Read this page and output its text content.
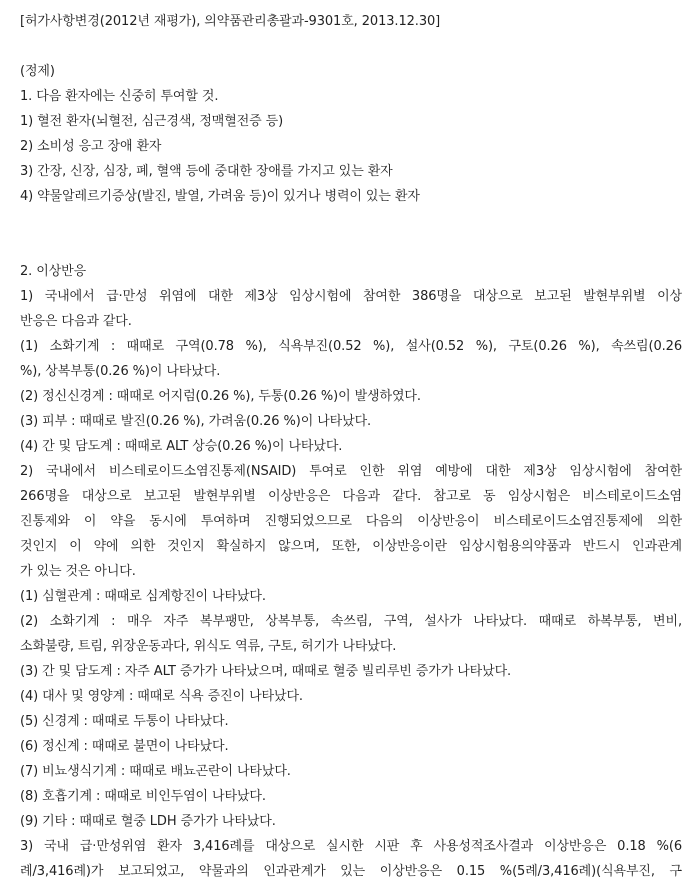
[허가사항변경(2012년 재평가), 의약품관리총괄과-9301호, 2013.12.30]
(정제)
1. 다음 환자에는 신중히 투여할 것.
1) 혈전 환자(뇌혈전, 심근경색, 정맥혈전증 등)
2) 소비성 응고 장애 환자
3) 간장, 신장, 심장, 폐, 혈액 등에 중대한 장애를 가지고 있는 환자
4) 약물알레르기증상(발진, 발열, 가려움 등)이 있거나 병력이 있는 환자
2. 이상반응
1) 국내에서 급·만성 위염에 대한 제3상 임상시험에 참여한 386명을 대상으로 보고된 발현부위별 이상
반응은 다음과 같다.
(1) 소화기계 : 때때로 구역(0.78 %), 식욕부진(0.52 %), 설사(0.52 %), 구토(0.26 %), 속쓰림(0.26
%), 상복부통(0.26 %)이 나타났다.
(2) 정신신경계 : 때때로 어지럼(0.26 %), 두통(0.26 %)이 발생하였다.
(3) 피부 : 때때로 발진(0.26 %), 가려움(0.26 %)이 나타났다.
(4) 간 및 담도계 : 때때로 ALT 상승(0.26 %)이 나타났다.
2) 국내에서 비스테로이드소염진통제(NSAID) 투여로 인한 위염 예방에 대한 제3상 임상시험에 참여한
266명을 대상으로 보고된 발현부위별 이상반응은 다음과 같다. 참고로 동 임상시험은 비스테로이드소염
진통제와 이 약을 동시에 투여하며 진행되었으므로 다음의 이상반응이 비스테로이드소염진통제에 의한
것인지 이 약에 의한 것인지 확실하지 않으며, 또한, 이상반응이란 임상시험용의약품과 반드시 인과관계
가 있는 것은 아니다.
(1) 심혈관계 : 때때로 심계항진이 나타났다.
(2) 소화기계 : 매우 자주 복부팽만, 상복부통, 속쓰림, 구역, 설사가 나타났다. 때때로 하복부통, 변비,
소화불량, 트림, 위장운동과다, 위식도 역류, 구토, 허기가 나타났다.
(3) 간 및 담도계 : 자주 ALT 증가가 나타났으며, 때때로 혈중 빌리루빈 증가가 나타났다.
(4) 대사 및 영양계 : 때때로 식욕 증진이 나타났다.
(5) 신경계 : 때때로 두통이 나타났다.
(6) 정신계 : 때때로 불면이 나타났다.
(7) 비뇨생식기계 : 때때로 배뇨곤란이 나타났다.
(8) 호흡기계 : 때때로 비인두염이 나타났다.
(9) 기타 : 때때로 혈중 LDH 증가가 나타났다.
3) 국내 급·만성위염 환자 3,416례를 대상으로 실시한 시판 후 사용성적조사결과 이상반응은 0.18 %(6
례/3,416례)가 보고되었고, 약물과의 인과관계가 있는 이상반응은 0.15 %(5례/3,416례)(식욕부진, 구
